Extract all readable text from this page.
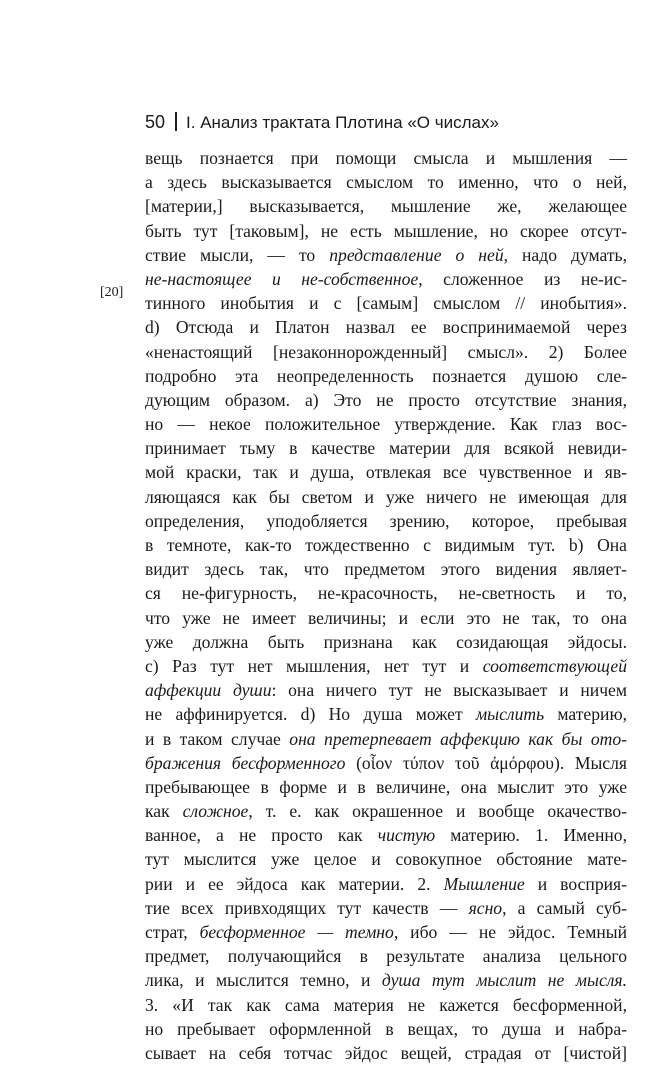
50 I. Анализ трактата Плотина «О числах»
[20]
вещь познается при помощи смысла и мышления —
а здесь высказывается смыслом то именно, что о ней,
[материи,] высказывается, мышление же, желающее
быть тут [таковым], не есть мышление, но скорее отсут-
ствие мысли, — то представление о ней, надо думать,
не-настоящее и не-собственное, сложенное из не-ис-
тинного инобытия и с [самым] смыслом // инобытия».
d) Отсюда и Платон назвал ее воспринимаемой через
«ненастоящий [незаконнорожденный] смысл». 2) Более
подробно эта неопределенность познается душою сле-
дующим образом. а) Это не просто отсутствие знания,
но — некое положительное утверждение. Как глаз вос-
принимает тьму в качестве материи для всякой невиди-
мой краски, так и душа, отвлекая все чувственное и яв-
ляющаяся как бы светом и уже ничего не имеющая для
определения, уподобляется зрению, которое, пребывая
в темноте, как-то тождественно с видимым тут. b) Она
видит здесь так, что предметом этого видения являет-
ся не-фигурность, не-красочность, не-светность и то,
что уже не имеет величины; и если это не так, то она
уже должна быть признана как созидающая эйдосы.
c) Раз тут нет мышления, нет тут и соответствующей
аффекции души: она ничего тут не высказывает и ничем
не аффинируется. d) Но душа может мыслить материю,
и в таком случае она претерпевает аффекцию как бы ото-
бражения бесформенного (οἷον τύπον τοῦ ἀμόρφου). Мысля
пребывающее в форме и в величине, она мыслит это уже
как сложное, т. е. как окрашенное и вообще окачество-
ванное, а не просто как чистую материю. 1. Именно,
тут мыслится уже целое и совокупное обстояние мате-
рии и ее эйдоса как материи. 2. Мышление и восприя-
тие всех привходящих тут качеств — ясно, а самый суб-
страт, бесформенное — темно, ибо — не эйдос. Темный
предмет, получающийся в результате анализа цельного
лика, и мыслится темно, и душа тут мыслит не мысля.
3. «И так как сама материя не кажется бесформенной,
но пребывает оформленной в вещах, то душа и набра-
сывает на себя тотчас эйдос вещей, страдая от [чистой]
